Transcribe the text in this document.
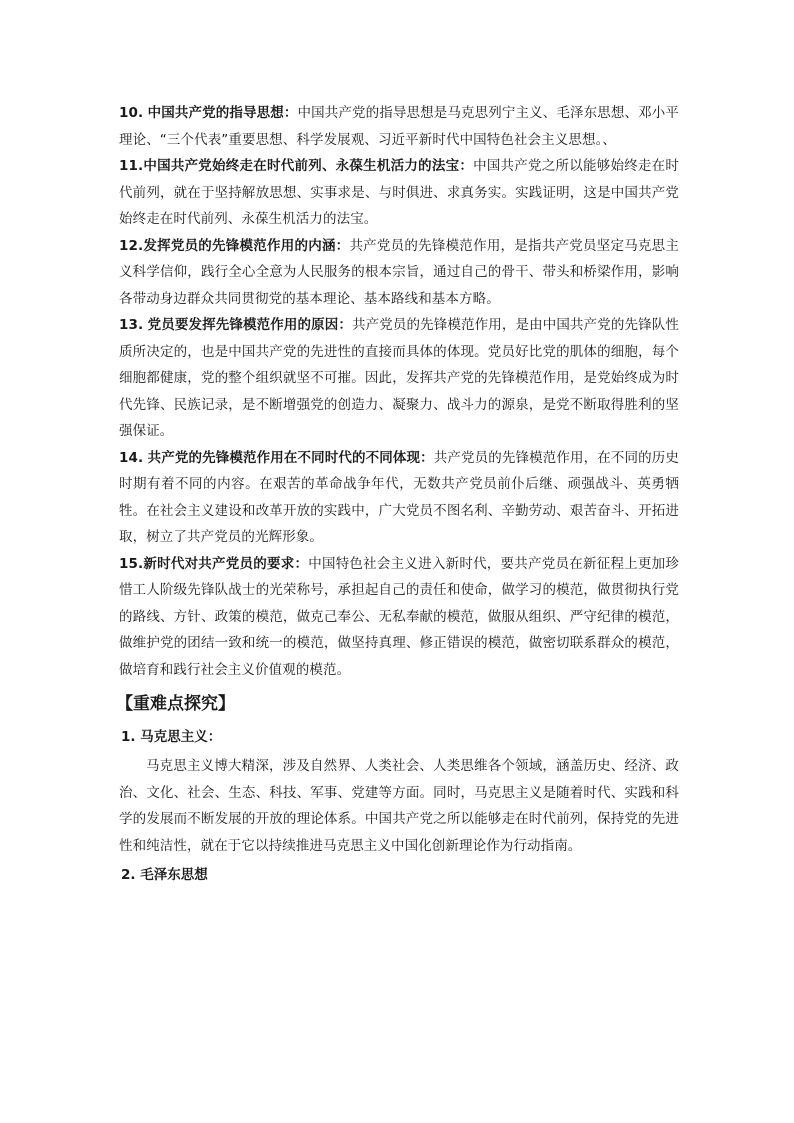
10. 中国共产党的指导思想：中国共产党的指导思想是马克思列宁主义、毛泽东思想、邓小平理论、“三个代表”重要思想、科学发展观、习近平新时代中国特色社会主义思想。、

11.中国共产党始终走在时代前列、永葆生机活力的法宝：中国共产党之所以能够始终走在时代前列，就在于坚持解放思想、实事求是、与时俱进、求真务实。实践证明，这是中国共产党始终走在时代前列、永葆生机活力的法宝。

12.发挥党员的先锋模范作用的内涵：共产党员的先锋模范作用，是指共产党员坚定马克思主义科学信仰，践行全心全意为人民服务的根本宗旨，通过自己的骨干、带头和桥梁作用，影响各带动身边群众共同贯彻党的基本理论、基本路线和基本方略。

13. 党员要发挥先锋模范作用的原因：共产党员的先锋模范作用，是由中国共产党的先锋队性质所决定的，也是中国共产党的先进性的直接而具体的体现。党员好比党的肌体的细胞，每个细胞都健康，党的整个组织就坚不可摧。因此，发挥共产党的先锋模范作用，是党始终成为时代先锋、民族记录，是不断增强党的创造力、凝聚力、战斗力的源泉，是党不断取得胜利的坚强保证。

14. 共产党的先锋模范作用在不同时代的不同体现：共产党员的先锋模范作用，在不同的历史时期有着不同的内容。在艰苦的革命战争年代，无数共产党员前仆后继、顽强战斗、英勇牺牲。在社会主义建设和改革开放的实践中，广大党员不图名利、辛勤劳动、艰苦奋斗、开拓进取，树立了共产党员的光辉形象。

15.新时代对共产党员的要求：中国特色社会主义进入新时代，要共产党员在新征程上更加珍惜工人阶级先锋队战士的光荣称号，承担起自己的责任和使命，做学习的模范，做贯彻执行党的路线、方针、政策的模范，做克己奉公、无私奉献的模范，做服从组织、严守纪律的模范，做维护党的团结一致和统一的模范，做坚持真理、修正错误的模范，做密切联系群众的模范，做培育和践行社会主义价值观的模范。

【重难点探究】
1. 马克思主义：

马克思主义博大精深，涉及自然界、人类社会、人类思维各个领域，涵盖历史、经济、政治、文化、社会、生态、科技、军事、党建等方面。同时，马克思主义是随着时代、实践和科学的发展而不断发展的开放的理论体系。中国共产党之所以能够走在时代前列，保持党的先进性和纯洁性，就在于它以持续推进马克思主义中国化创新理论作为行动指南。

2. 毛泽东思想
